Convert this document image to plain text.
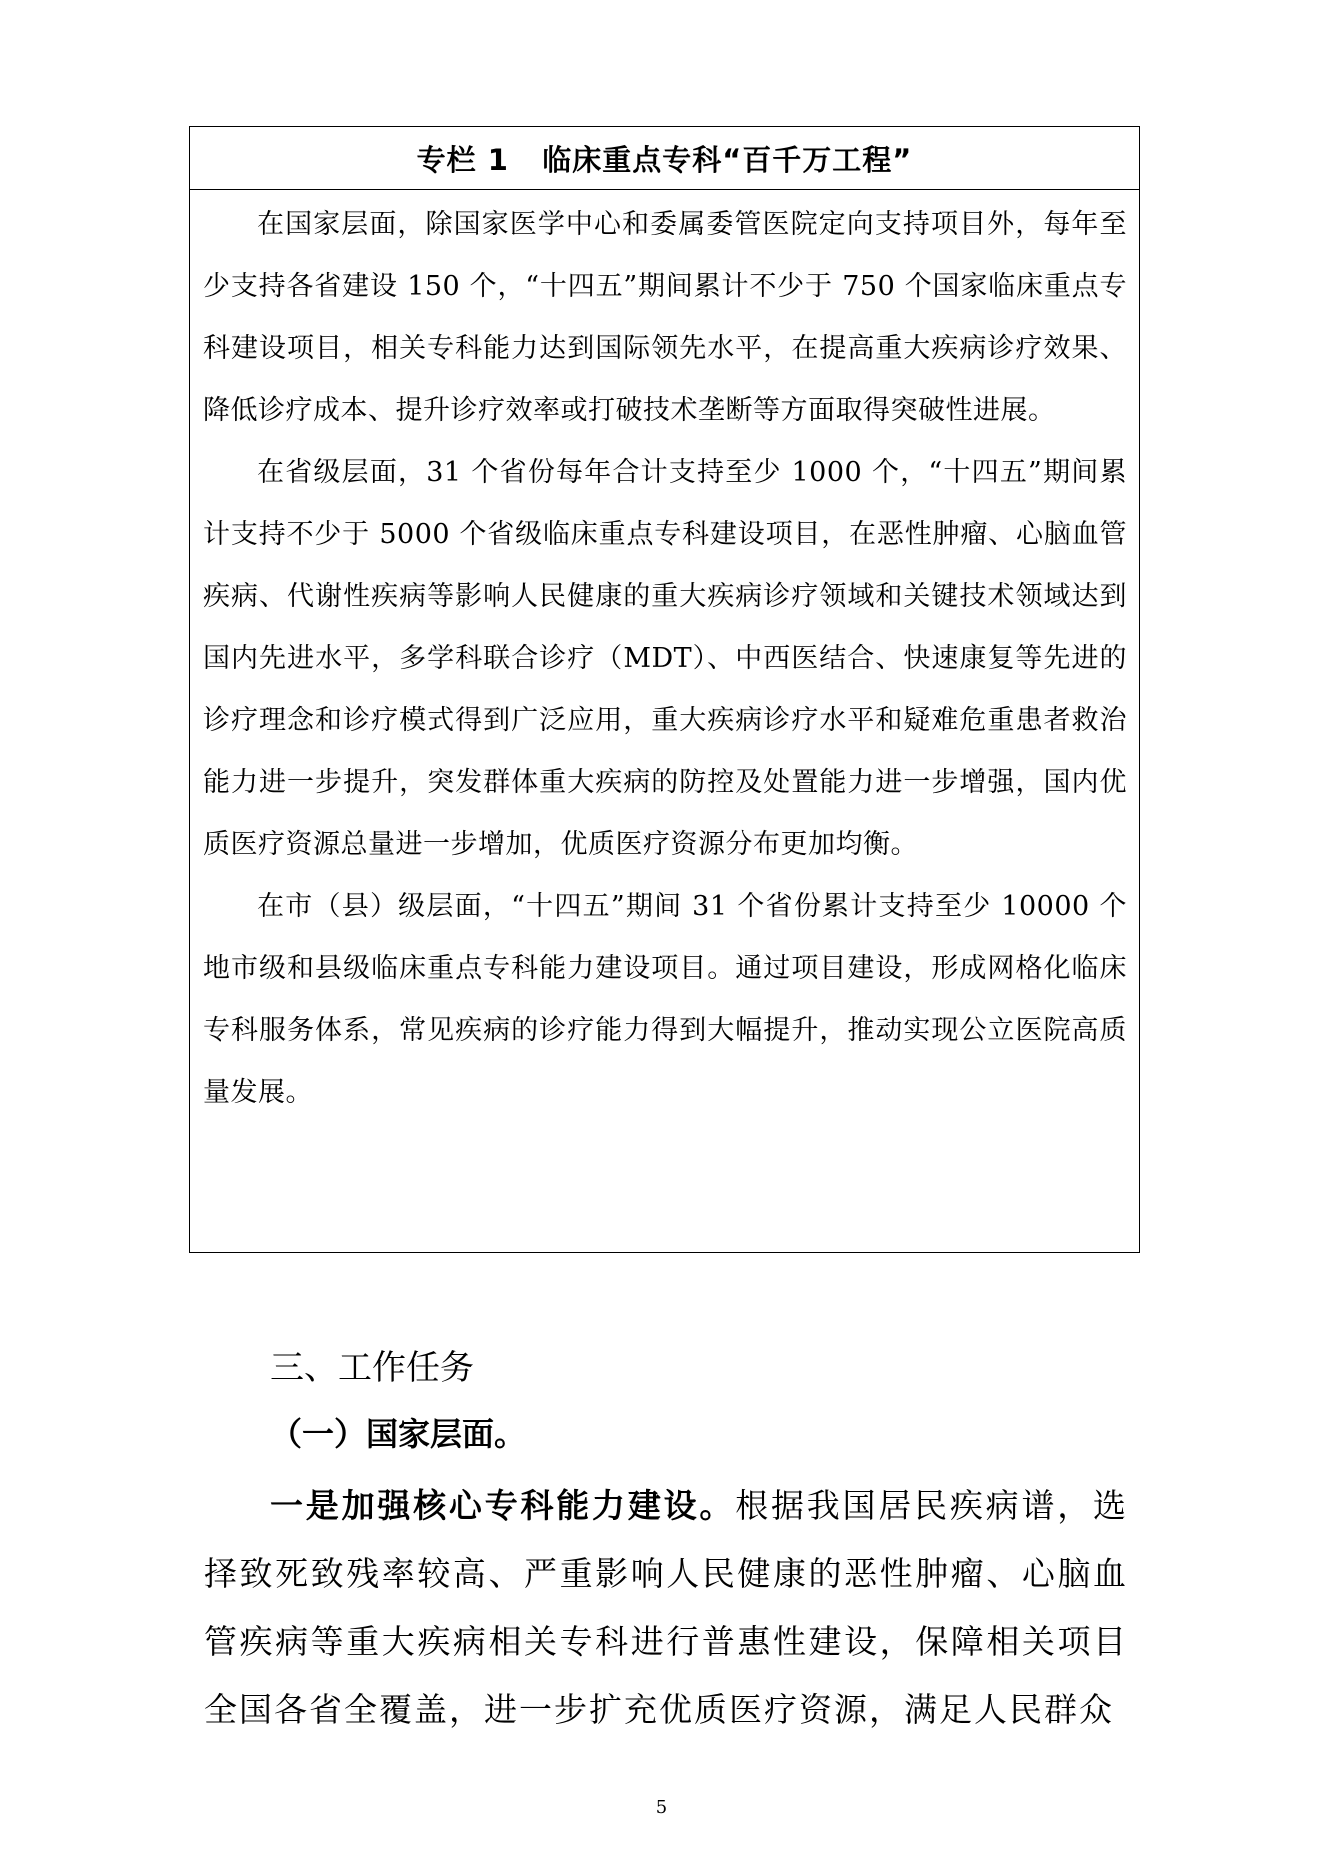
专栏 1   临床重点专科“百千万工程”

在国家层面，除国家医学中心和委属委管医院定向支持项目外，每年至少支持各省建设 150 个，“十四五”期间累计不少于 750 个国家临床重点专科建设项目，相关专科能力达到国际领先水平，在提高重大疾病诊疗效果、降低诊疗成本、提升诊疗效率或打破技术垄断等方面取得突破性进展。

在省级层面，31 个省份每年合计支持至少 1000 个，“十四五”期间累计支持不少于 5000 个省级临床重点专科建设项目，在恶性肿瘤、心脑血管疾病、代谢性疾病等影响人民健康的重大疾病诊疗领域和关键技术领域达到国内先进水平，多学科联合诊疗（MDT）、中西医结合、快速康复等先进的诊疗理念和诊疗模式得到广泛应用，重大疾病诊疗水平和疑难危重患者救治能力进一步提升，突发群体重大疾病的防控及处置能力进一步增强，国内优质医疗资源总量进一步增加，优质医疗资源分布更加均衡。

在市（县）级层面，“十四五”期间 31 个省份累计支持至少 10000 个地市级和县级临床重点专科能力建设项目。通过项目建设，形成网格化临床专科服务体系，常见疾病的诊疗能力得到大幅提升，推动实现公立医院高质量发展。

三、工作任务
（一）国家层面。
一是加强核心专科能力建设。根据我国居民疾病谱，选择致死致残率较高、严重影响人民健康的恶性肿瘤、心脑血管疾病等重大疾病相关专科进行普惠性建设，保障相关项目全国各省全覆盖，进一步扩充优质医疗资源，满足人民群众
5
